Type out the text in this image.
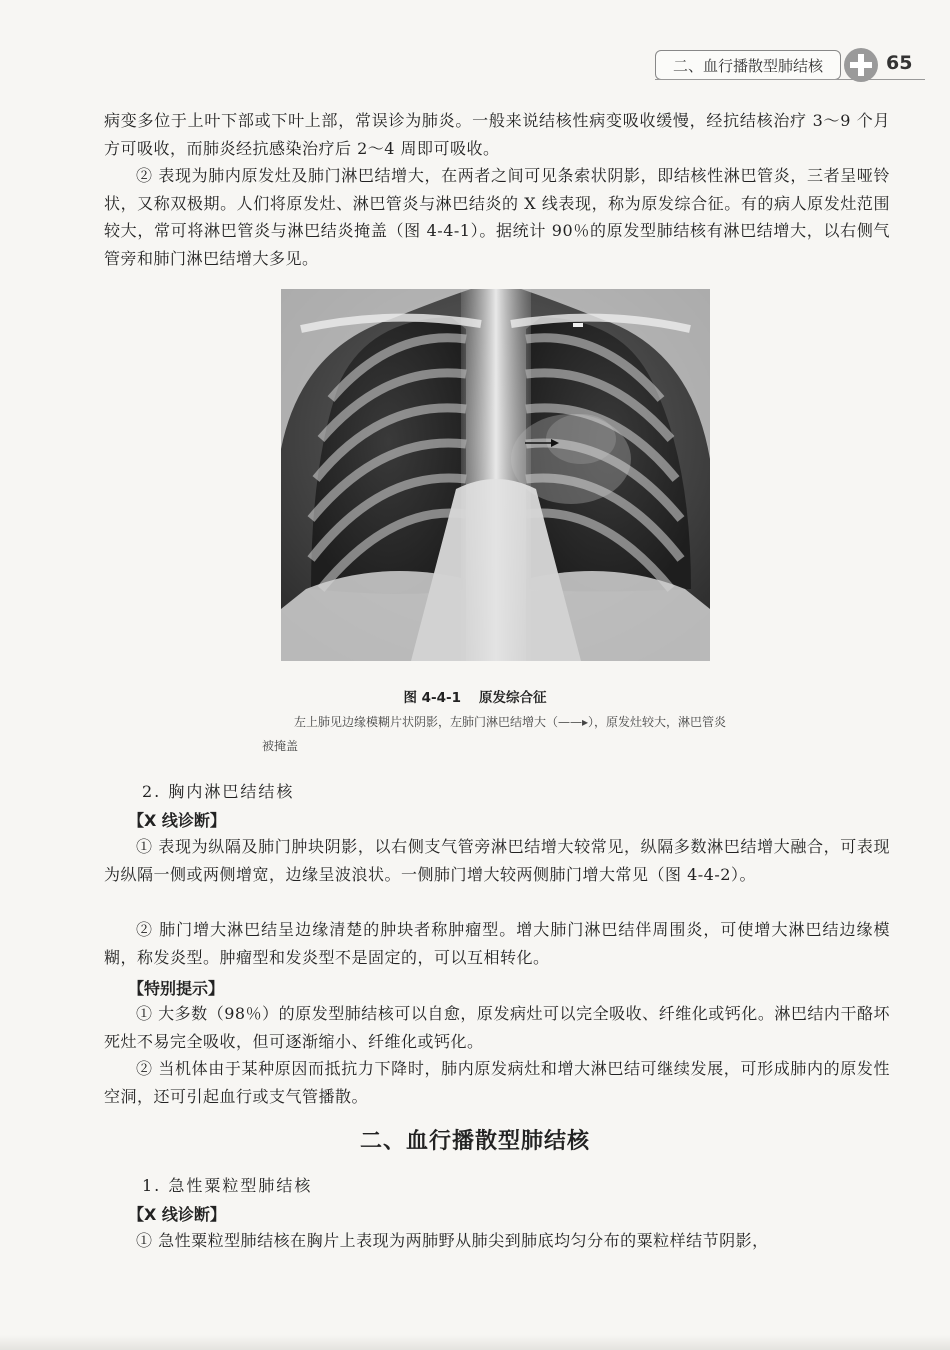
二、血行播散型肺结核	65
病变多位于上叶下部或下叶上部，常误诊为肺炎。一般来说结核性病变吸收缓慢，经抗结核治疗 3～9 个月方可吸收，而肺炎经抗感染治疗后 2～4 周即可吸收。
② 表现为肺内原发灶及肺门淋巴结增大，在两者之间可见条索状阴影，即结核性淋巴管炎，三者呈哑铃状，又称双极期。人们将原发灶、淋巴管炎与淋巴结炎的 X 线表现，称为原发综合征。有的病人原发灶范围较大，常可将淋巴管炎与淋巴结炎掩盖（图 4-4-1）。据统计 90％的原发型肺结核有淋巴结增大，以右侧气管旁和肺门淋巴结增大多见。
图 4-4-1 原发综合征
左上肺见边缘模糊片状阴影，左肺门淋巴结增大（——▸），原发灶较大，淋巴管炎被掩盖
2. 胸内淋巴结结核
【X 线诊断】
① 表现为纵隔及肺门肿块阴影，以右侧支气管旁淋巴结增大较常见，纵隔多数淋巴结增大融合，可表现为纵隔一侧或两侧增宽，边缘呈波浪状。一侧肺门增大较两侧肺门增大常见（图 4-4-2）。
② 肺门增大淋巴结呈边缘清楚的肿块者称肿瘤型。增大肺门淋巴结伴周围炎，可使增大淋巴结边缘模糊，称发炎型。肿瘤型和发炎型不是固定的，可以互相转化。
【特别提示】
① 大多数（98％）的原发型肺结核可以自愈，原发病灶可以完全吸收、纤维化或钙化。淋巴结内干酪坏死灶不易完全吸收，但可逐渐缩小、纤维化或钙化。
② 当机体由于某种原因而抵抗力下降时，肺内原发病灶和增大淋巴结可继续发展，可形成肺内的原发性空洞，还可引起血行或支气管播散。
二、血行播散型肺结核
1. 急性粟粒型肺结核
【X 线诊断】
① 急性粟粒型肺结核在胸片上表现为两肺野从肺尖到肺底均匀分布的粟粒样结节阴影，
